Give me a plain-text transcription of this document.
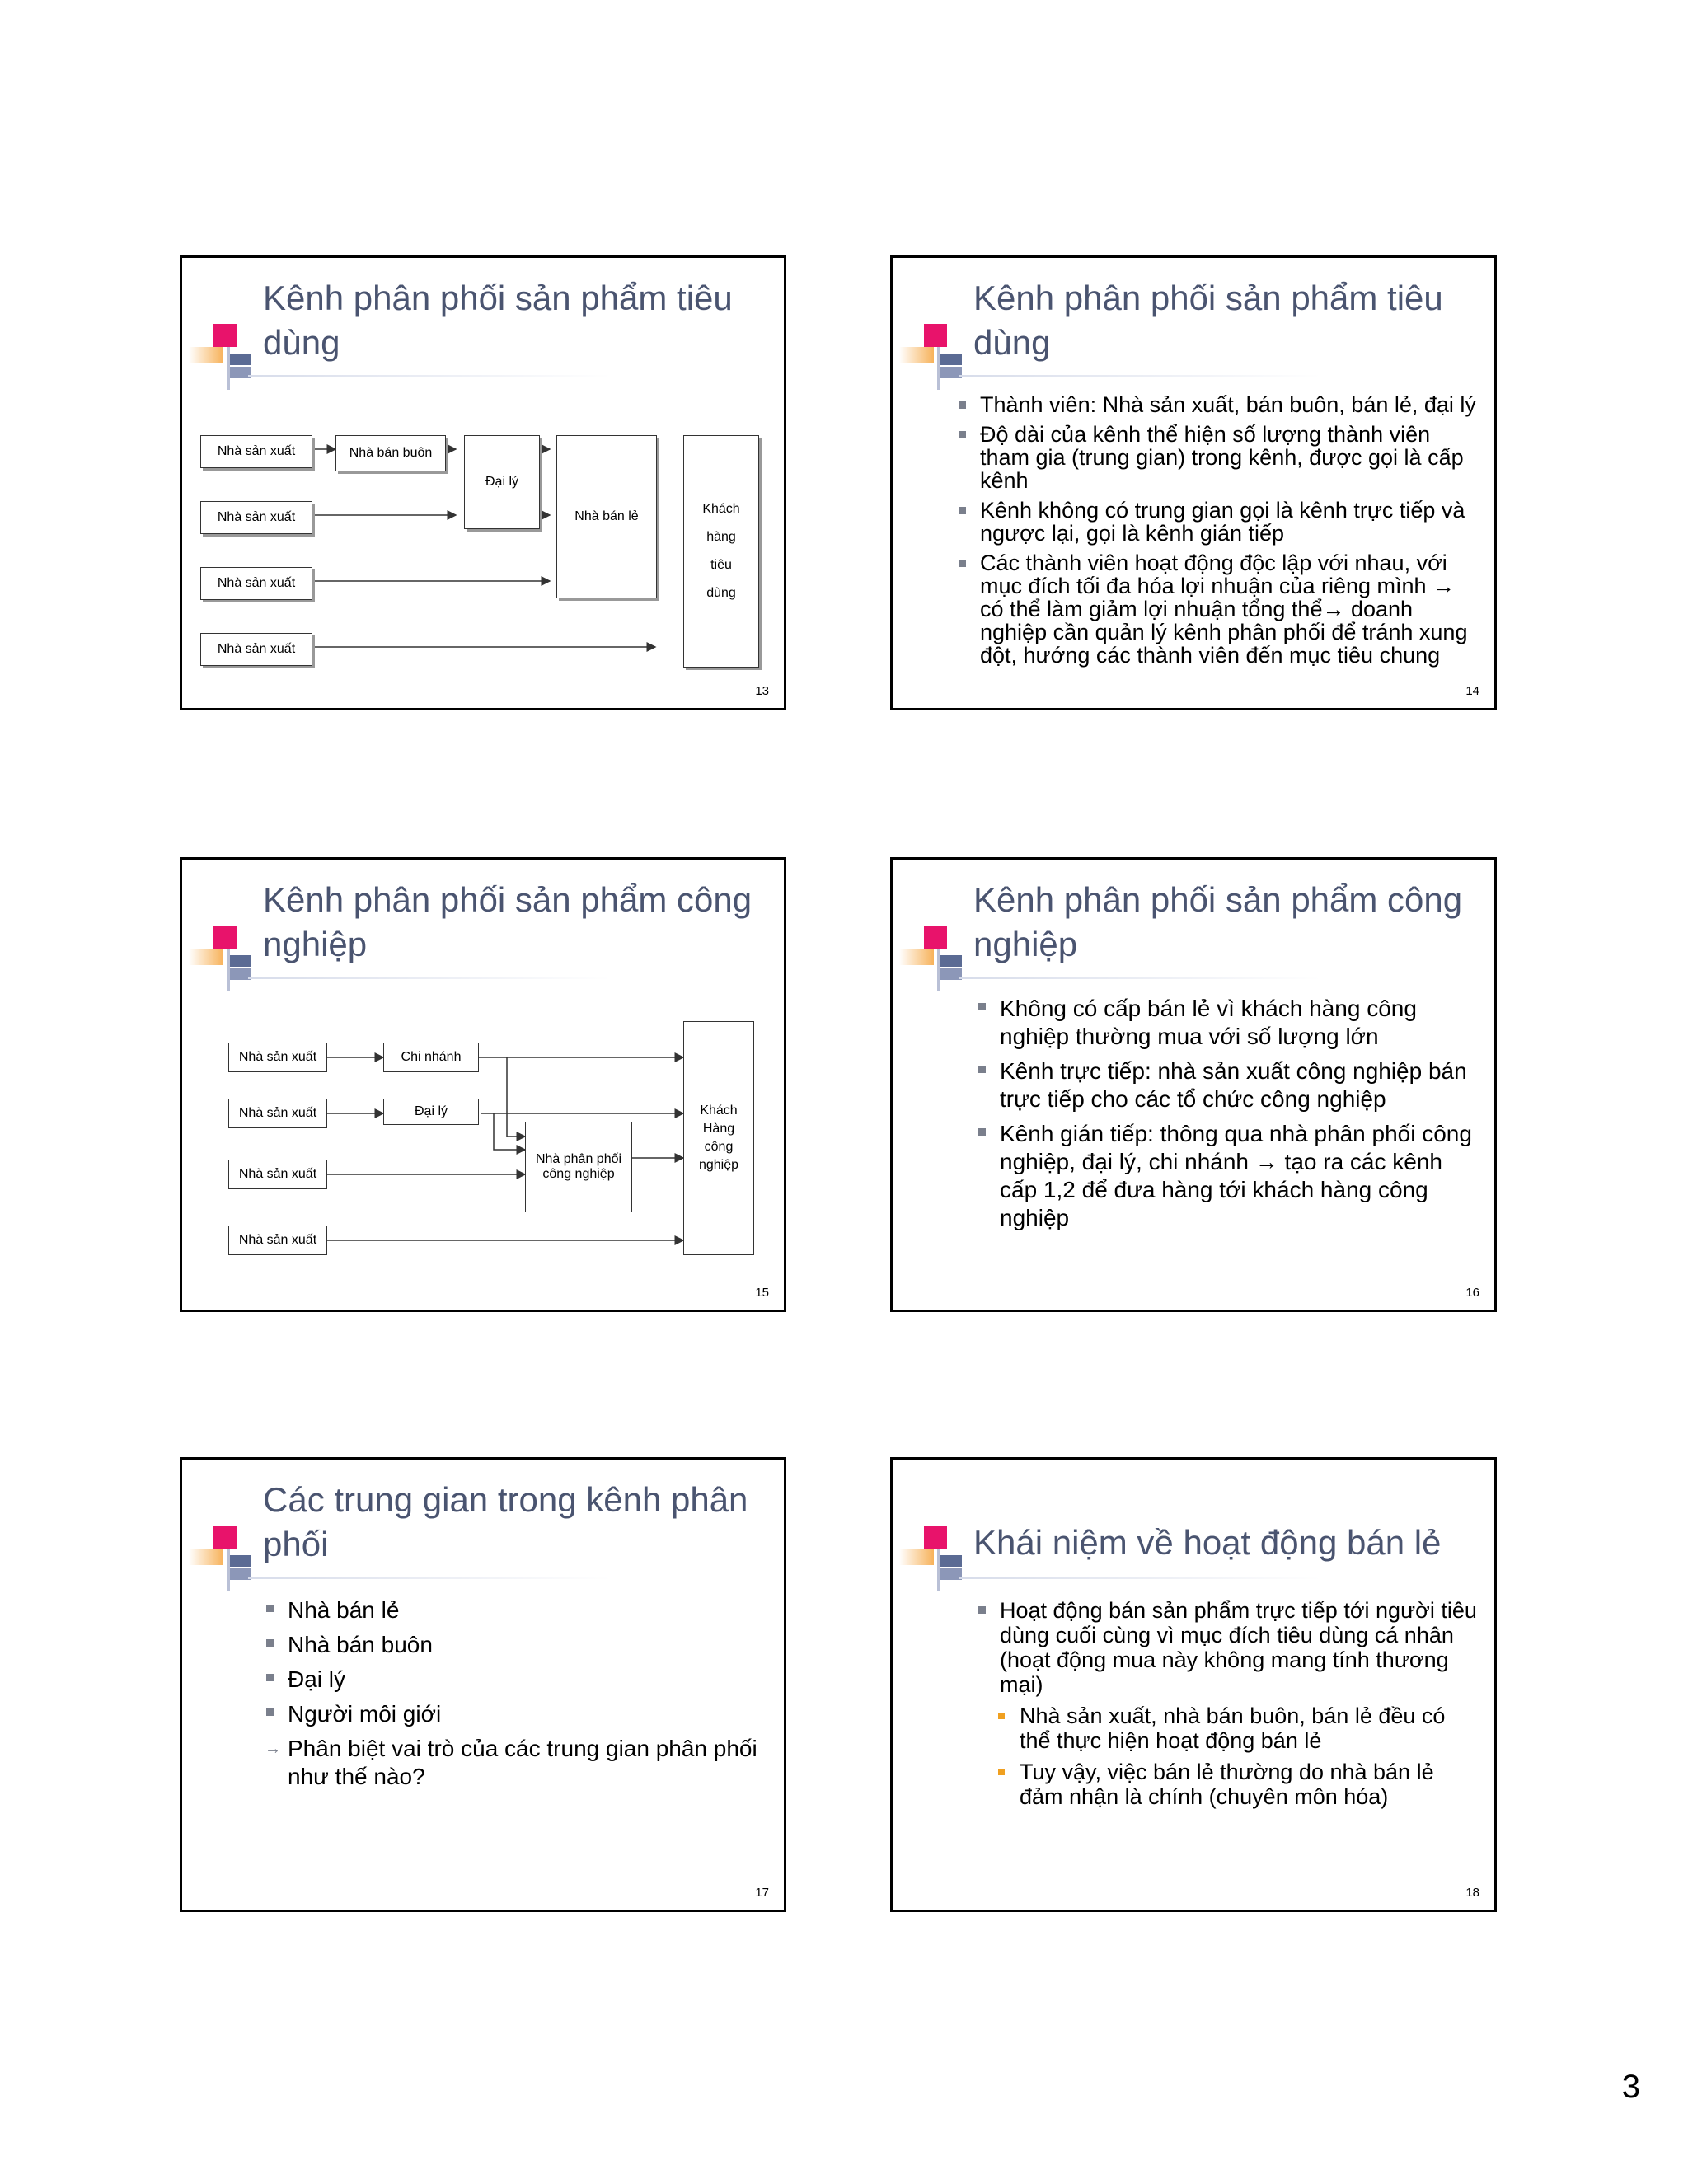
Kênh phân phối sản phẩm tiêu dùng
Nhà sản xuất
Nhà sản xuất
Nhà sản xuất
Nhà sản xuất
Nhà bán buôn
Đại lý
Nhà bán lẻ
Khách hàng tiêu dùng
13
Kênh phân phối sản phẩm tiêu dùng
Thành viên: Nhà sản xuất, bán buôn, bán lẻ, đại lý
Độ dài của kênh thể hiện số lượng thành viên tham gia (trung gian) trong kênh, được gọi là cấp kênh
Kênh không có trung gian gọi là kênh trực tiếp và ngược lại, gọi là kênh gián tiếp
Các thành viên hoạt động độc lập với nhau, với mục đích tối đa hóa lợi nhuận của riêng mình → có thể làm giảm lợi nhuận tổng thể→ doanh nghiệp cần quản lý kênh phân phối để tránh xung đột, hướng các thành viên đến mục tiêu chung
14
Kênh phân phối sản phẩm công nghiệp
Nhà sản xuất
Nhà sản xuất
Nhà sản xuất
Nhà sản xuất
Chi nhánh
Đại lý
Nhà phân phối công nghiệp
Khách Hàng công nghiệp
15
Kênh phân phối sản phẩm công nghiệp
Không có cấp bán lẻ vì khách hàng công nghiệp thường mua với số lượng lớn
Kênh trực tiếp: nhà sản xuất công nghiệp bán trực tiếp cho các tổ chức công nghiệp
Kênh gián tiếp: thông qua nhà phân phối công nghiệp, đại lý, chi nhánh → tạo ra các kênh cấp 1,2 để đưa hàng tới khách hàng công nghiệp
16
Các trung gian trong kênh phân phối
Nhà bán lẻ
Nhà bán buôn
Đại lý
Người môi giới
→ Phân biệt vai trò của các trung gian phân phối như thế nào?
17
Khái niệm về hoạt động bán lẻ
Hoạt động bán sản phẩm trực tiếp tới người tiêu dùng cuối cùng vì mục đích tiêu dùng cá nhân (hoạt động mua này không mang tính thương mại)
Nhà sản xuất, nhà bán buôn, bán lẻ đều có thể thực hiện hoạt động bán lẻ
Tuy vậy, việc bán lẻ thường do nhà bán lẻ đảm nhận là chính (chuyên môn hóa)
18
3
